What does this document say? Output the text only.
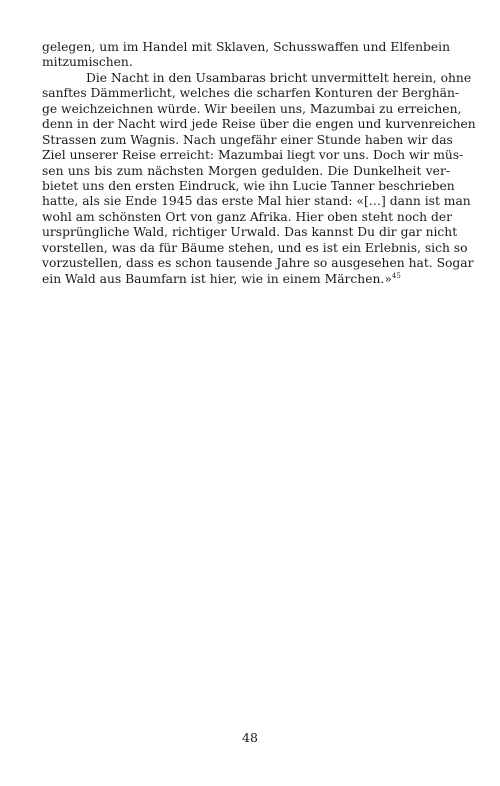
gelegen, um im Handel mit Sklaven, Schusswaffen und Elfenbein
mitzumischen.
Die Nacht in den Usambaras bricht unvermittelt herein, ohne
sanftes Dämmerlicht, welches die scharfen Konturen der Berghän-
ge weichzeichnen würde. Wir beeilen uns, Mazumbai zu erreichen,
denn in der Nacht wird jede Reise über die engen und kurvenreichen
Strassen zum Wagnis. Nach ungefähr einer Stunde haben wir das
Ziel unserer Reise erreicht: Mazumbai liegt vor uns. Doch wir müs-
sen uns bis zum nächsten Morgen gedulden. Die Dunkelheit ver-
bietet uns den ersten Eindruck, wie ihn Lucie Tanner beschrieben
hatte, als sie Ende 1945 das erste Mal hier stand: «[…] dann ist man
wohl am schönsten Ort von ganz Afrika. Hier oben steht noch der
ursprüngliche Wald, richtiger Urwald. Das kannst Du dir gar nicht
vorstellen, was da für Bäume stehen, und es ist ein Erlebnis, sich so
vorzustellen, dass es schon tausende Jahre so ausgesehen hat. Sogar
ein Wald aus Baumfarn ist hier, wie in einem Märchen.»$^{45}$
48
